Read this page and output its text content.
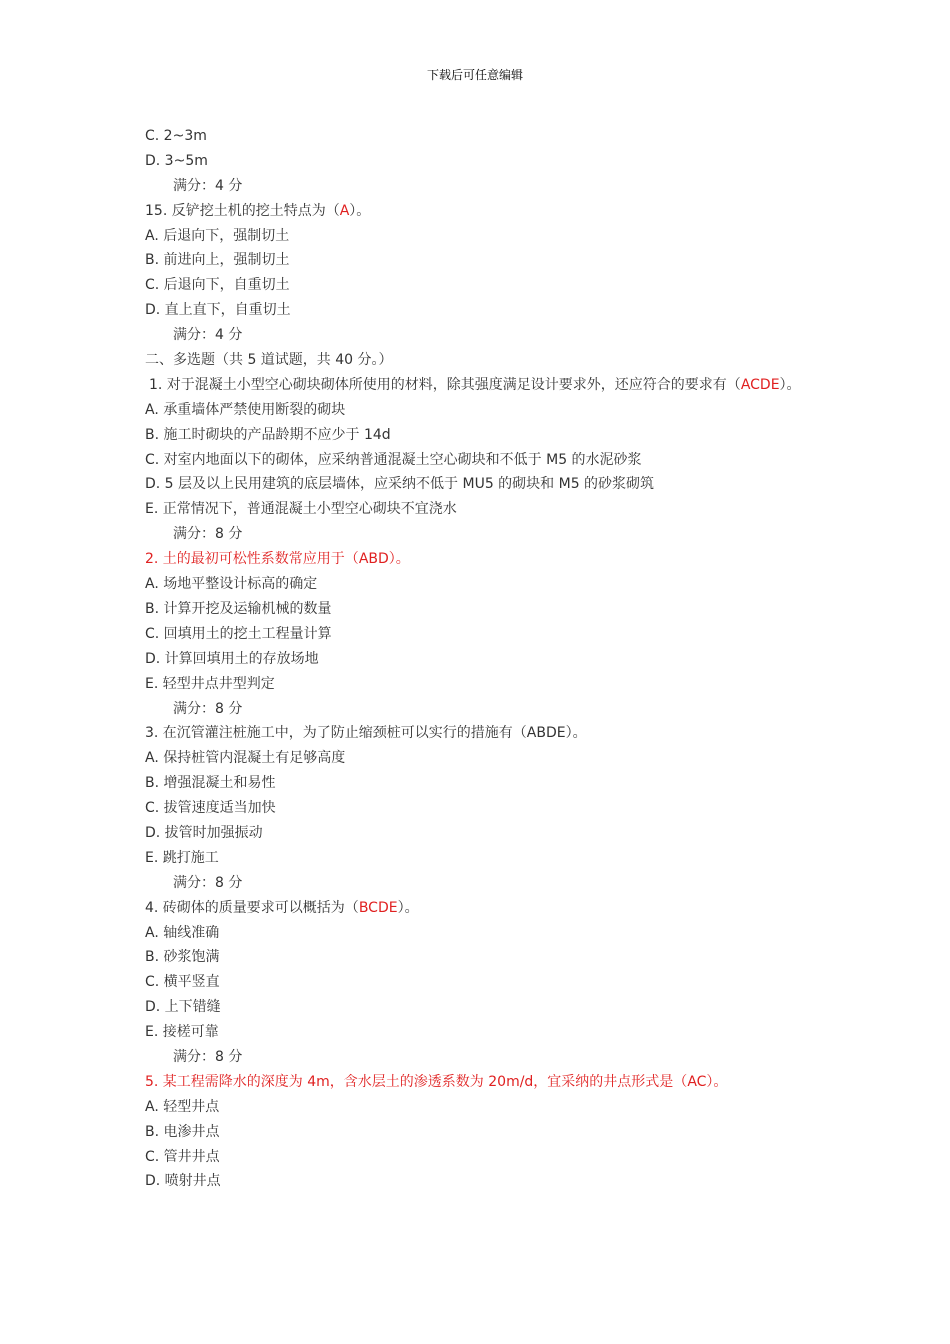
下载后可任意编辑
C. 2~3m
D. 3~5m
满分：4 分
15. 反铲挖土机的挖土特点为（A）。
A. 后退向下，强制切土
B. 前进向上，强制切土
C. 后退向下，自重切土
D. 直上直下，自重切土
满分：4 分
二、多选题（共 5 道试题，共 40 分。）
1. 对于混凝土小型空心砌块砌体所使用的材料，除其强度满足设计要求外，还应符合的要求有（ACDE）。
A. 承重墙体严禁使用断裂的砌块
B. 施工时砌块的产品龄期不应少于 14d
C. 对室内地面以下的砌体，应采纳普通混凝土空心砌块和不低于 M5 的水泥砂浆
D. 5 层及以上民用建筑的底层墙体，应采纳不低于 MU5 的砌块和 M5 的砂浆砌筑
E. 正常情况下，普通混凝土小型空心砌块不宜浇水
满分：8 分
2. 土的最初可松性系数常应用于（ABD）。
A. 场地平整设计标高的确定
B. 计算开挖及运输机械的数量
C. 回填用土的挖土工程量计算
D. 计算回填用土的存放场地
E. 轻型井点井型判定
满分：8 分
3. 在沉管灌注桩施工中，为了防止缩颈桩可以实行的措施有（ABDE）。
A. 保持桩管内混凝土有足够高度
B. 增强混凝土和易性
C. 拔管速度适当加快
D. 拔管时加强振动
E. 跳打施工
满分：8 分
4. 砖砌体的质量要求可以概括为（BCDE）。
A. 轴线准确
B. 砂浆饱满
C. 横平竖直
D. 上下错缝
E. 接槎可靠
满分：8 分
5. 某工程需降水的深度为 4m，含水层土的渗透系数为 20m/d，宜采纳的井点形式是（AC）。
A. 轻型井点
B. 电渗井点
C. 管井井点
D. 喷射井点
